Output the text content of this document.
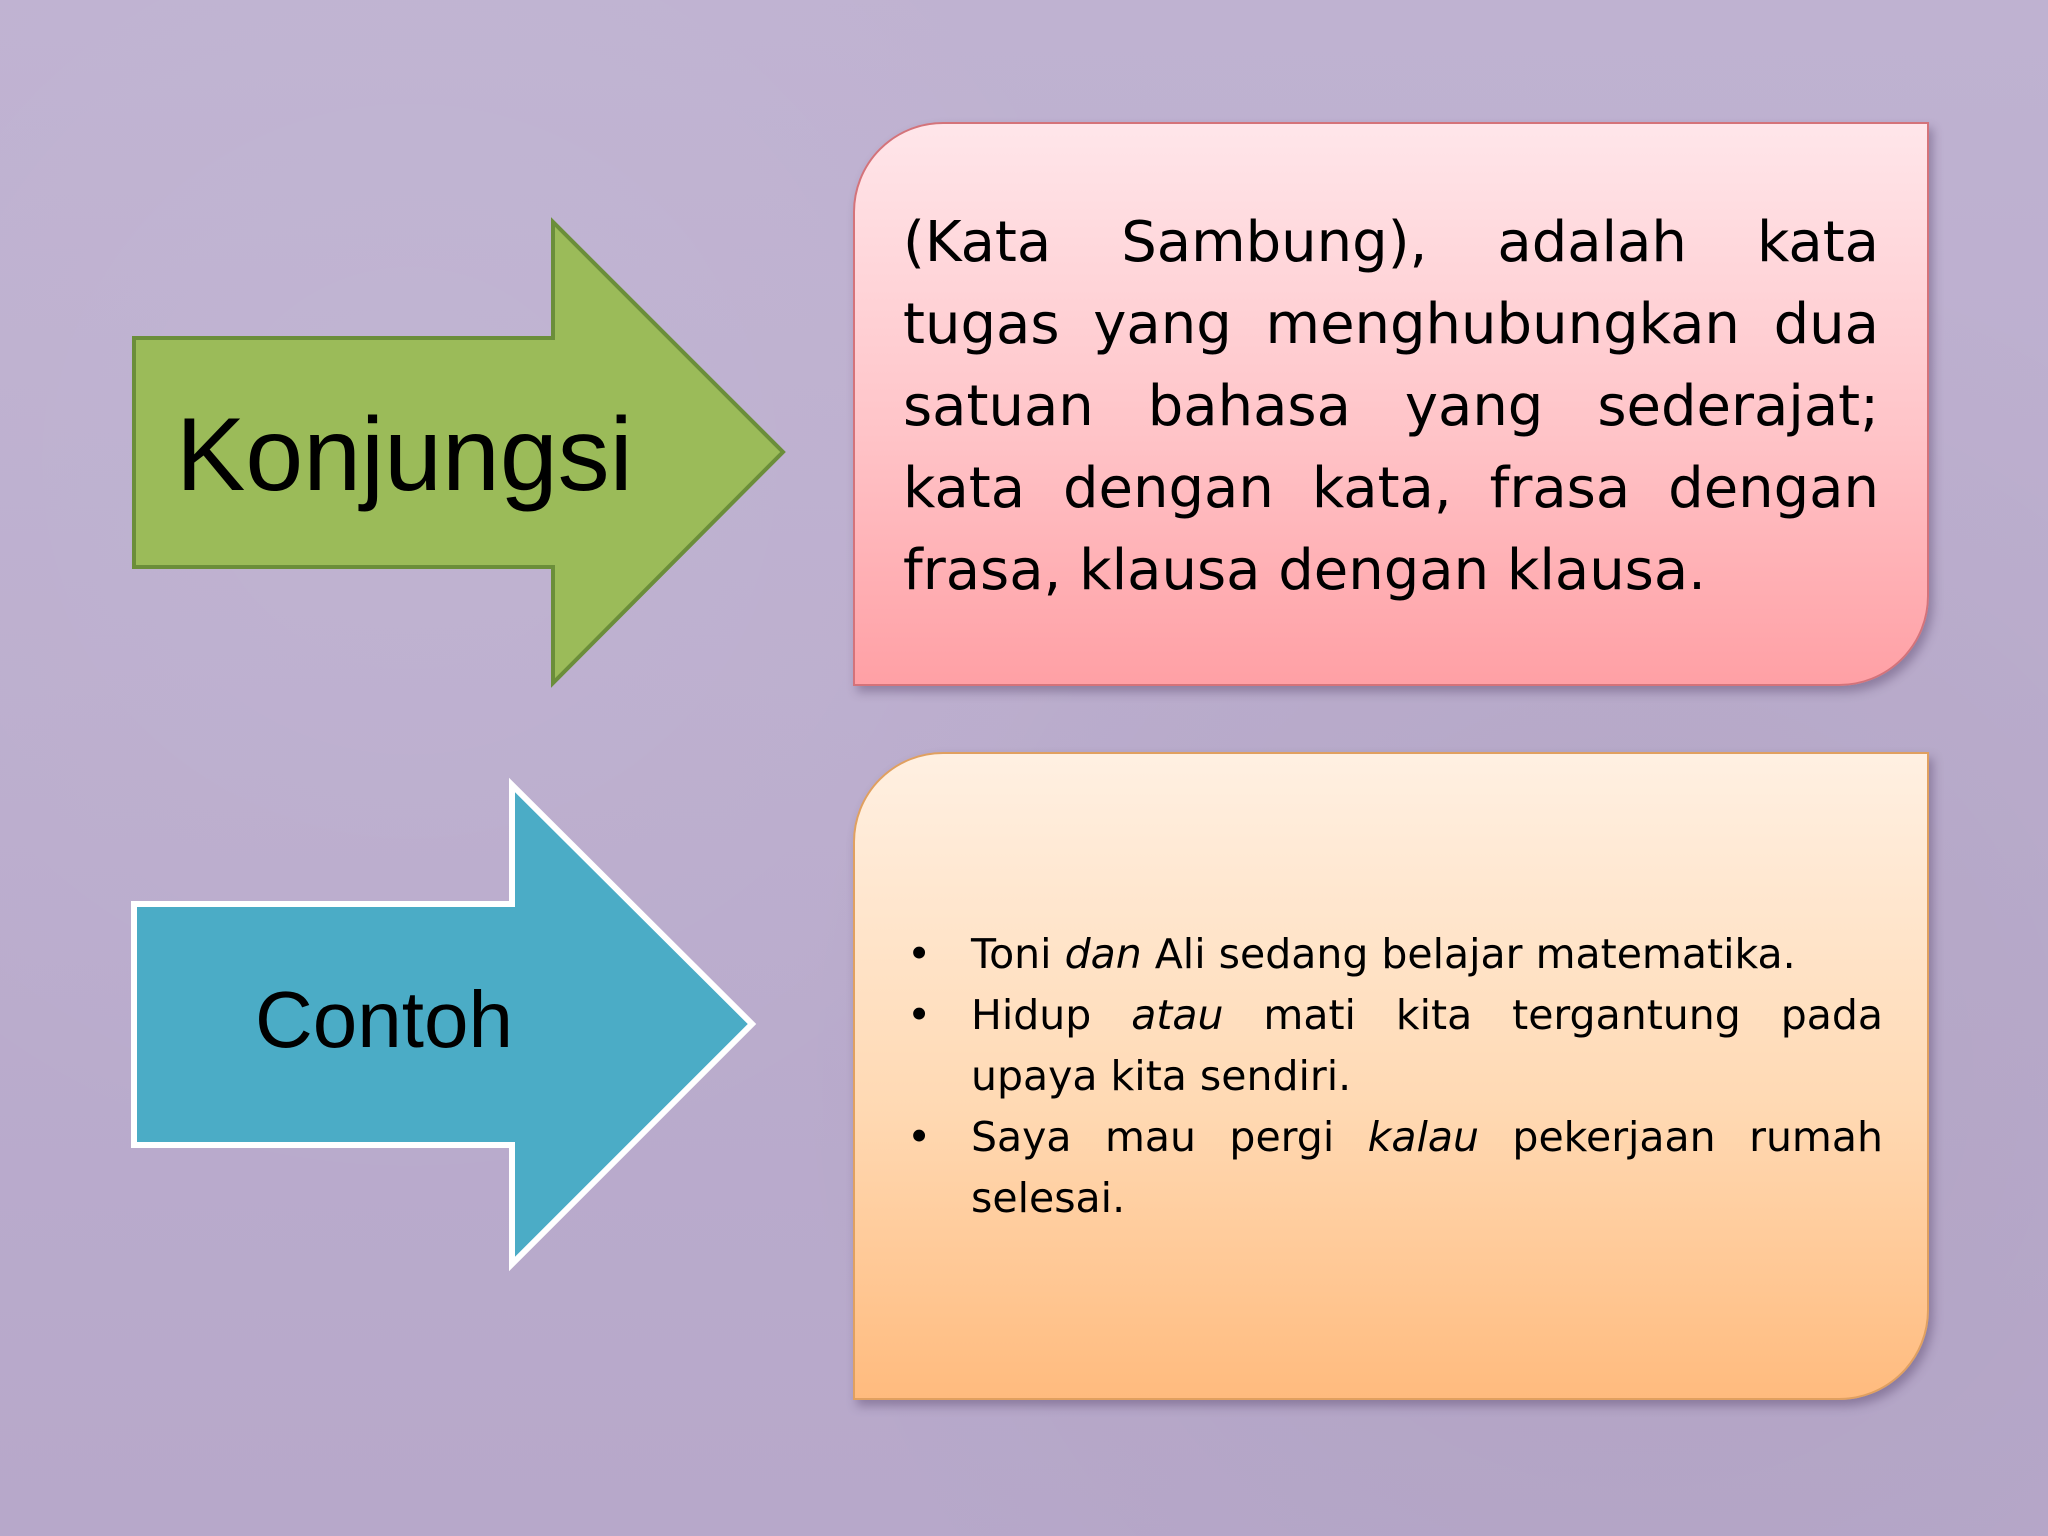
Konjungsi
Contoh
(Kata Sambung), adalah kata tugas yang menghubungkan dua satuan bahasa yang sederajat; kata dengan kata, frasa dengan frasa, klausa dengan klausa.
• Toni dan Ali sedang belajar matematika.
• Hidup atau mati kita tergantung pada upaya kita sendiri.
• Saya mau pergi kalau pekerjaan rumah selesai.
